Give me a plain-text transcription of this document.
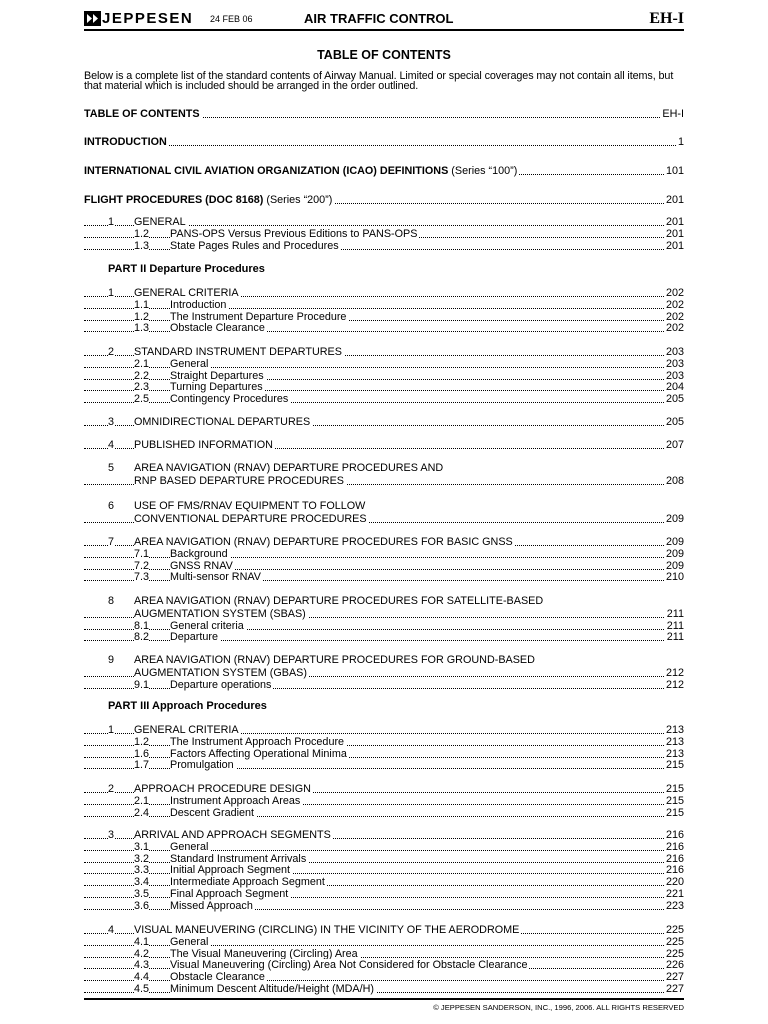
JEPPESEN 24 FEB 06	AIR TRAFFIC CONTROL	EH-I
TABLE OF CONTENTS
Below is a complete list of the standard contents of Airway Manual. Limited or special coverages may not contain all items, but that material which is included should be arranged in the order outlined.
TABLE OF CONTENTS	EH-I
INTRODUCTION	1
INTERNATIONAL CIVIL AVIATION ORGANIZATION (ICAO) DEFINITIONS (Series “100”)	101
FLIGHT PROCEDURES (DOC 8168) (Series “200”)	201
1 GENERAL	201
1.2 PANS-OPS Versus Previous Editions to PANS-OPS	201
1.3 State Pages Rules and Procedures	201
PART II Departure Procedures
1 GENERAL CRITERIA	202
1.1 Introduction	202
1.2 The Instrument Departure Procedure	202
1.3 Obstacle Clearance	202
2 STANDARD INSTRUMENT DEPARTURES	203
2.1 General	203
2.2 Straight Departures	203
2.3 Turning Departures	204
2.5 Contingency Procedures	205
3 OMNIDIRECTIONAL DEPARTURES	205
4 PUBLISHED INFORMATION	207
5 AREA NAVIGATION (RNAV) DEPARTURE PROCEDURES AND
RNP BASED DEPARTURE PROCEDURES	208
6 USE OF FMS/RNAV EQUIPMENT TO FOLLOW
CONVENTIONAL DEPARTURE PROCEDURES	209
7 AREA NAVIGATION (RNAV) DEPARTURE PROCEDURES FOR BASIC GNSS	209
7.1 Background	209
7.2 GNSS RNAV	209
7.3 Multi-sensor RNAV	210
8 AREA NAVIGATION (RNAV) DEPARTURE PROCEDURES FOR SATELLITE-BASED
AUGMENTATION SYSTEM (SBAS)	211
8.1 General criteria	211
8.2 Departure	211
9 AREA NAVIGATION (RNAV) DEPARTURE PROCEDURES FOR GROUND-BASED
AUGMENTATION SYSTEM (GBAS)	212
9.1 Departure operations	212
PART III Approach Procedures
1 GENERAL CRITERIA	213
1.2 The Instrument Approach Procedure	213
1.6 Factors Affecting Operational Minima	213
1.7 Promulgation	215
2 APPROACH PROCEDURE DESIGN	215
2.1 Instrument Approach Areas	215
2.4 Descent Gradient	215
3 ARRIVAL AND APPROACH SEGMENTS	216
3.1 General	216
3.2 Standard Instrument Arrivals	216
3.3 Initial Approach Segment	216
3.4 Intermediate Approach Segment	220
3.5 Final Approach Segment	221
3.6 Missed Approach	223
4 VISUAL MANEUVERING (CIRCLING) IN THE VICINITY OF THE AERODROME	225
4.1 General	225
4.2 The Visual Maneuvering (Circling) Area	225
4.3 Visual Maneuvering (Circling) Area Not Considered for Obstacle Clearance	226
4.4 Obstacle Clearance	227
4.5 Minimum Descent Altitude/Height (MDA/H)	227
© JEPPESEN SANDERSON, INC., 1996, 2006. ALL RIGHTS RESERVED
